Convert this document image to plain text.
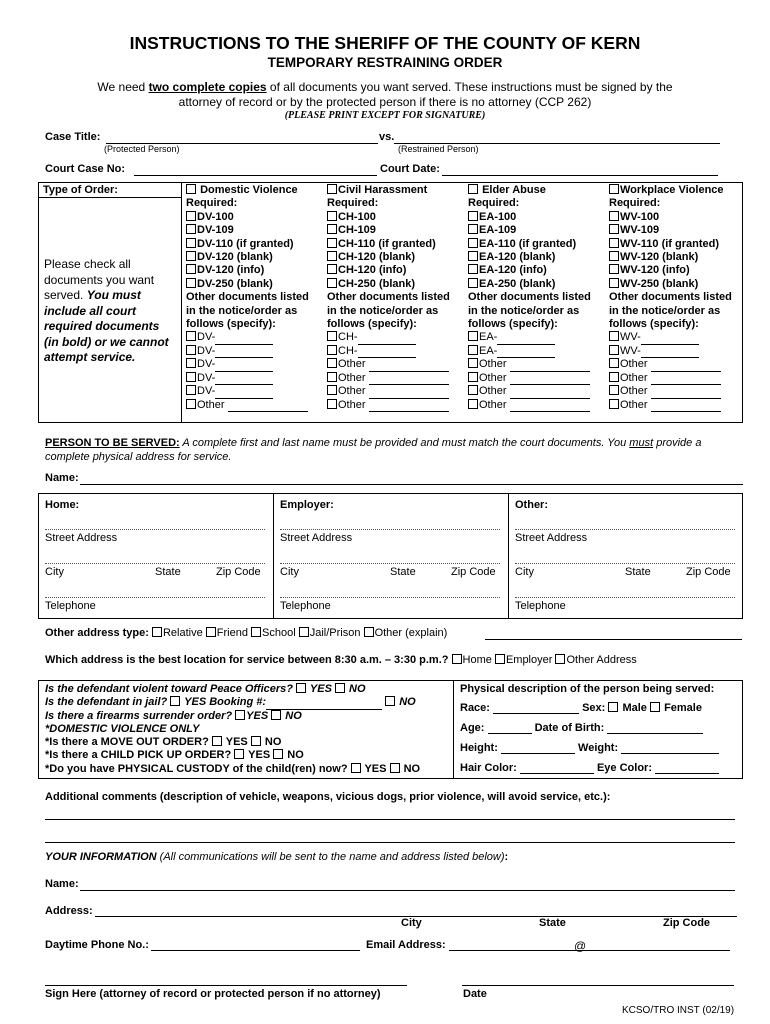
INSTRUCTIONS TO THE SHERIFF OF THE COUNTY OF KERN
TEMPORARY RESTRAINING ORDER
We need two complete copies of all documents you want served. These instructions must be signed by the
attorney of record or by the protected person if there is no attorney (CCP 262)
(PLEASE PRINT EXCEPT FOR SIGNATURE)
Case Title:	vs.
(Protected Person)	(Restrained Person)
Court Case No:	Court Date:
Type of Order:
Please check all documents you want served. You must include all court required documents (in bold) or we cannot attempt service.
Domestic Violence
Required:
DV-100
DV-109
DV-110 (if granted)
DV-120 (blank)
DV-120 (info)
DV-250 (blank)
Other documents listed
in the notice/order as
follows (specify):
DV-
DV-
DV-
DV-
DV-
Other
Civil Harassment
Required:
CH-100
CH-109
CH-110 (if granted)
CH-120 (blank)
CH-120 (info)
CH-250 (blank)
Other documents listed
in the notice/order as
follows (specify):
CH-
CH-
Other
Other
Other
Other
Elder Abuse
Required:
EA-100
EA-109
EA-110 (if granted)
EA-120 (blank)
EA-120 (info)
EA-250 (blank)
Other documents listed
in the notice/order as
follows (specify):
EA-
EA-
Other
Other
Other
Other
Workplace Violence
Required:
WV-100
WV-109
WV-110 (if granted)
WV-120 (blank)
WV-120 (info)
WV-250 (blank)
Other documents listed
in the notice/order as
follows (specify):
WV-
WV-
Other
Other
Other
Other
PERSON TO BE SERVED: A complete first and last name must be provided and must match the court documents. You must provide a
complete physical address for service.
Name:
Home:
Street Address
City	State	Zip Code
Telephone
Employer:
Street Address
City	State	Zip Code
Telephone
Other:
Street Address
City	State	Zip Code
Telephone
Other address type: Relative Friend School Jail/Prison Other (explain)
Which address is the best location for service between 8:30 a.m. – 3:30 p.m.? Home Employer Other Address
Is the defendant violent toward Peace Officers? YES NO
Is the defendant in jail? YES Booking #:	NO
Is there a firearms surrender order? YES NO
*DOMESTIC VIOLENCE ONLY
*Is there a MOVE OUT ORDER? YES NO
*Is there a CHILD PICK UP ORDER? YES NO
*Do you have PHYSICAL CUSTODY of the child(ren) now? YES NO
Physical description of the person being served:
Race:	Sex: Male Female
Age:	Date of Birth:
Height:	Weight:
Hair Color:	Eye Color:
Additional comments (description of vehicle, weapons, vicious dogs, prior violence, will avoid service, etc.):
YOUR INFORMATION (All communications will be sent to the name and address listed below):
Name:
Address:
City	State	Zip Code
Daytime Phone No.:	Email Address:	@
Sign Here (attorney of record or protected person if no attorney)	Date
KCSO/TRO INST (02/19)
